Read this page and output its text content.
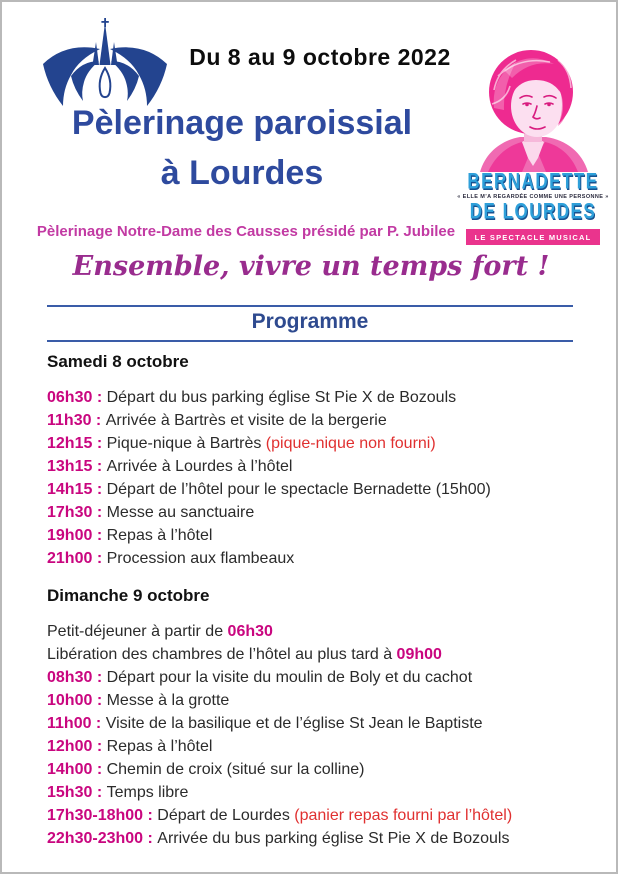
Du 8 au 9 octobre 2022
Pèlerinage paroissial
à Lourdes	BERNADETTE
« ELLE M’A REGARDÉE COMME UNE PERSONNE »
DE LOURDES
LE SPECTACLE MUSICAL
Pèlerinage Notre-Dame des Causses présidé par P. Jubilee
Ensemble, vivre un temps fort !
Programme
Samedi 8 octobre
06h30 : Départ du bus parking église St Pie X de Bozouls
11h30 : Arrivée à Bartrès et visite de la bergerie
12h15 : Pique-nique à Bartrès (pique-nique non fourni)
13h15 : Arrivée à Lourdes à l’hôtel
14h15 : Départ de l’hôtel pour le spectacle Bernadette (15h00)
17h30 : Messe au sanctuaire
19h00 : Repas à l’hôtel
21h00 : Procession aux flambeaux
Dimanche 9 octobre
Petit-déjeuner à partir de 06h30
Libération des chambres de l’hôtel au plus tard à 09h00
08h30 : Départ pour la visite du moulin de Boly et du cachot
10h00 : Messe à la grotte
11h00 : Visite de la basilique et de l’église St Jean le Baptiste
12h00 : Repas à l’hôtel
14h00 : Chemin de croix (situé sur la colline)
15h30 : Temps libre
17h30-18h00 : Départ de Lourdes (panier repas fourni par l’hôtel)
22h30-23h00 : Arrivée du bus parking église St Pie X de Bozouls
